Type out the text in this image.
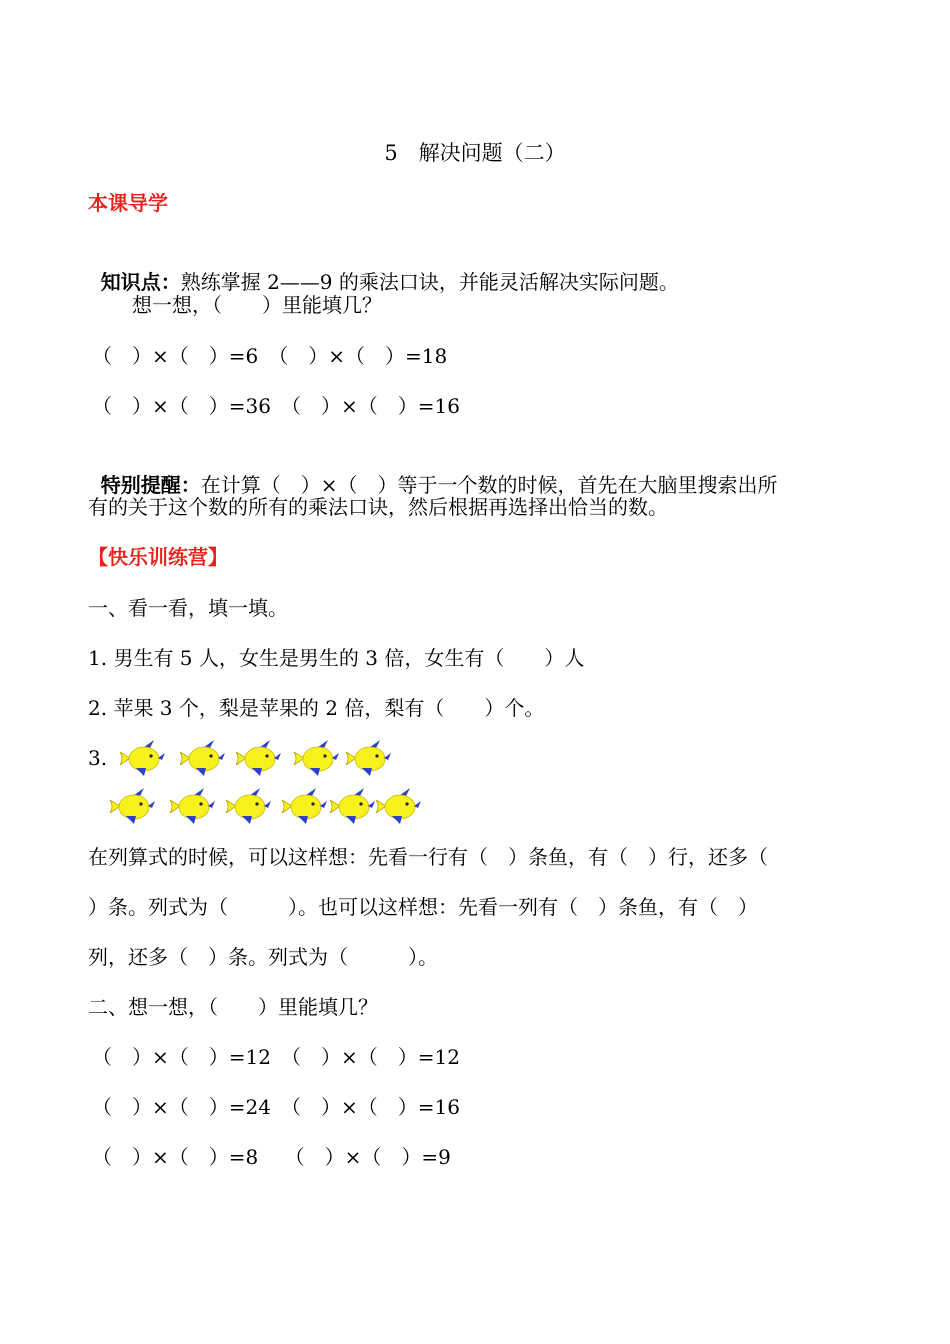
5　解决问题（二）
本课导学

知识点：熟练掌握 2——9 的乘法口诀，并能灵活解决实际问题。

想一想，（　　）里能填几？
（　）×（　）=6　（　）×（　）=18
（　）×（　）=36　（　）×（　）=16

特别提醒：在计算（　）×（　）等于一个数的时候，首先在大脑里搜索出所

有的关于这个数的所有的乘法口诀，然后根据再选择出恰当的数。
【快乐训练营】
一、看一看，填一填。
1. 男生有 5 人，女生是男生的 3 倍，女生有（　　）人
2. 苹果 3 个，梨是苹果的 2 倍，梨有（　　）个。
3.
在列算式的时候，可以这样想：先看一行有（　）条鱼，有（　）行，还多（
）条。列式为（　　　）。也可以这样想：先看一列有（　）条鱼，有（　）
列，还多（　）条。列式为（　　　）。
二、想一想，（　　）里能填几？
（　）×（　）=12　（　）×（　）=12
（　）×（　）=24　（　）×（　）=16
（　）×（　）=8　 （　）×（　）=9
